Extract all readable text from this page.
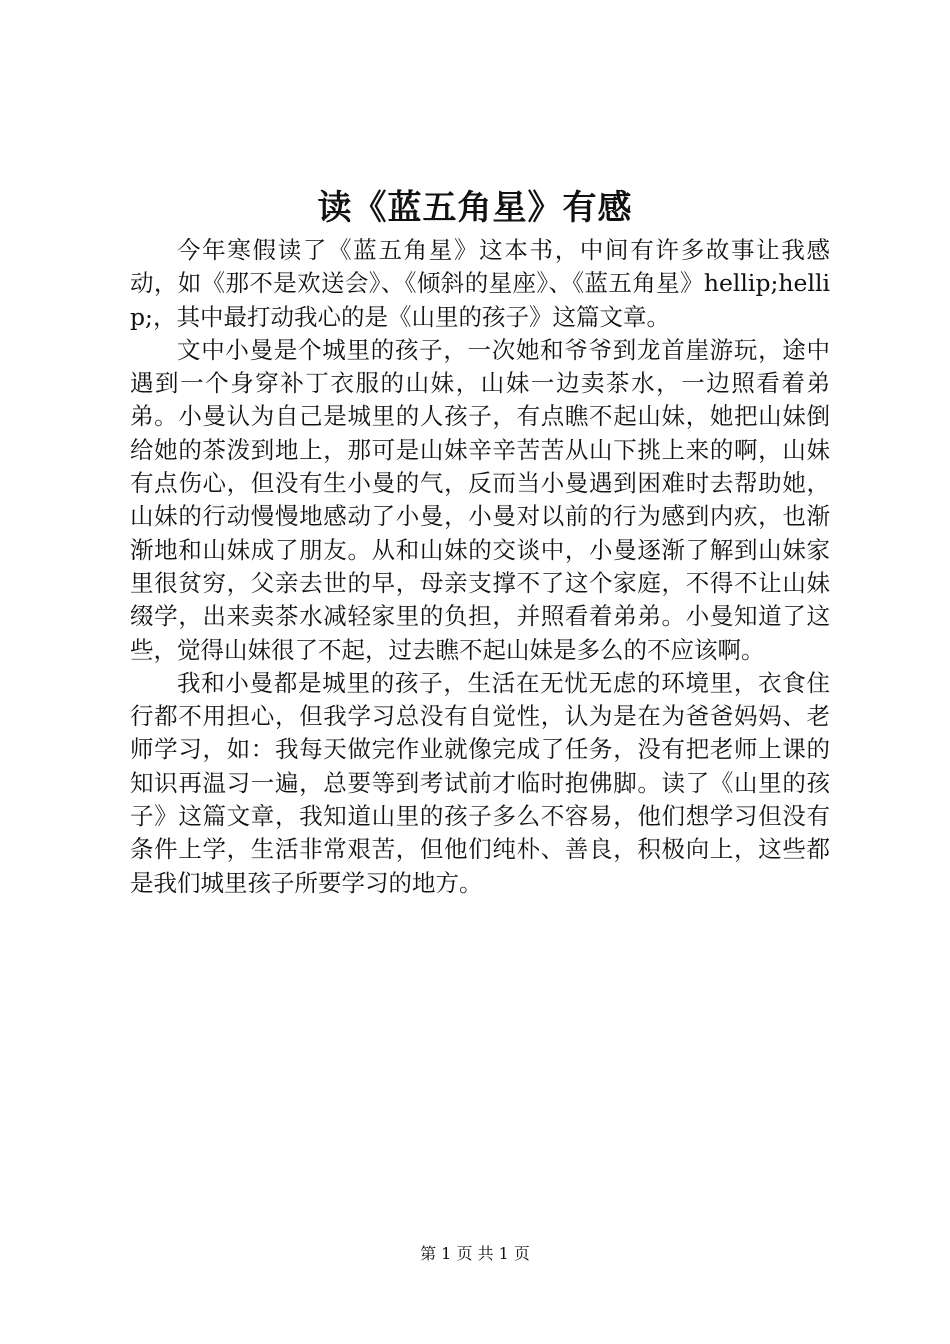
读《蓝五角星》有感

今年寒假读了《蓝五角星》这本书，中间有许多故事让我感动，如《那不是欢送会》、《倾斜的星座》、《蓝五角星》hellip;hellip;，其中最打动我心的是《山里的孩子》这篇文章。

文中小曼是个城里的孩子，一次她和爷爷到龙首崖游玩，途中遇到一个身穿补丁衣服的山妹，山妹一边卖茶水，一边照看着弟弟。小曼认为自己是城里的人孩子，有点瞧不起山妹，她把山妹倒给她的茶泼到地上，那可是山妹辛辛苦苦从山下挑上来的啊，山妹有点伤心，但没有生小曼的气，反而当小曼遇到困难时去帮助她，山妹的行动慢慢地感动了小曼，小曼对以前的行为感到内疚，也渐渐地和山妹成了朋友。从和山妹的交谈中，小曼逐渐了解到山妹家里很贫穷，父亲去世的早，母亲支撑不了这个家庭，不得不让山妹缀学，出来卖茶水减轻家里的负担，并照看着弟弟。小曼知道了这些，觉得山妹很了不起，过去瞧不起山妹是多么的不应该啊。

我和小曼都是城里的孩子，生活在无忧无虑的环境里，衣食住行都不用担心，但我学习总没有自觉性，认为是在为爸爸妈妈、老师学习，如：我每天做完作业就像完成了任务，没有把老师上课的知识再温习一遍，总要等到考试前才临时抱佛脚。读了《山里的孩子》这篇文章，我知道山里的孩子多么不容易，他们想学习但没有条件上学，生活非常艰苦，但他们纯朴、善良，积极向上，这些都是我们城里孩子所要学习的地方。

第 1 页 共 1 页
